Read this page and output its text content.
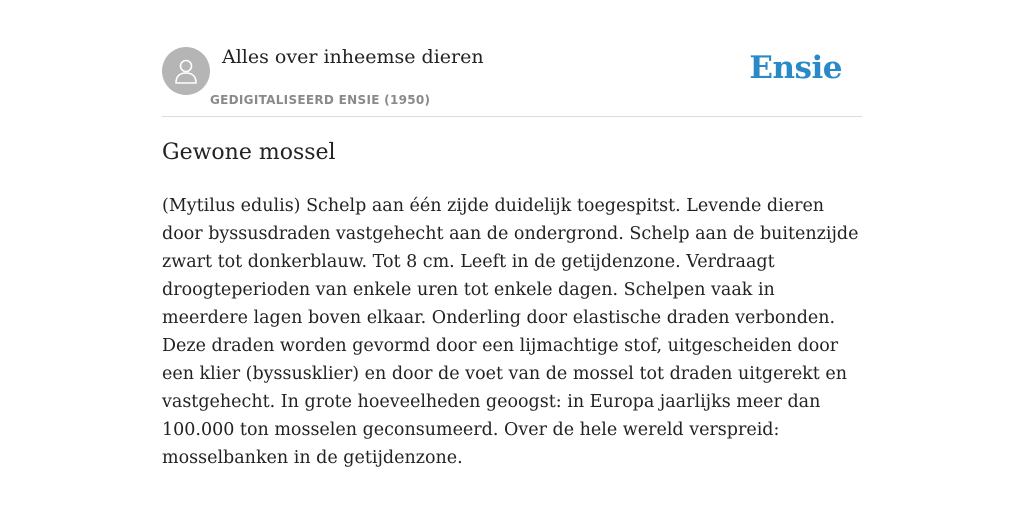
Alles over inheemse dieren
GEDIGITALISEERD ENSIE (1950)
Ensie
Gewone mossel

(Mytilus edulis) Schelp aan één zijde duidelijk toegespitst. Levende dieren door byssusdraden vastgehecht aan de ondergrond. Schelp aan de buitenzijde zwart tot donkerblauw. Tot 8 cm. Leeft in de getijdenzone. Verdraagt droogteperioden van enkele uren tot enkele dagen. Schelpen vaak in meerdere lagen boven elkaar. Onderling door elastische draden verbonden. Deze draden worden gevormd door een lijmachtige stof, uitgescheiden door een klier (byssusklier) en door de voet van de mossel tot draden uitgerekt en vastgehecht. In grote hoeveelheden geoogst: in Europa jaarlijks meer dan 100.000 ton mosselen geconsumeerd. Over de hele wereld verspreid: mosselbanken in de getijdenzone.
